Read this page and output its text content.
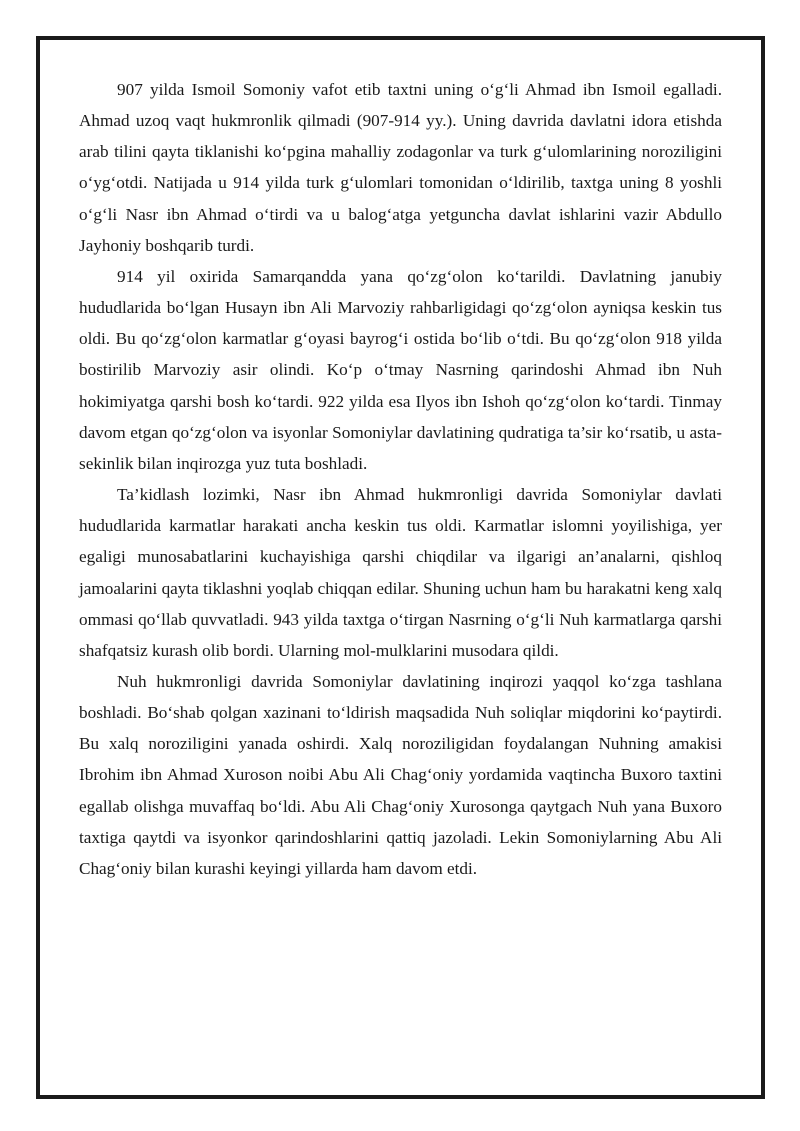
907 yilda Ismoil Somoniy vafot etib taxtni uning o‘g‘li Ahmad ibn Ismoil egalladi. Ahmad uzoq vaqt hukmronlik qilmadi (907-914 yy.). Uning davrida davlatni idora etishda arab tilini qayta tiklanishi ko‘pgina mahalliy zodagonlar va turk g‘ulomlarining noroziligini o‘yg‘otdi. Natijada u 914 yilda turk g‘ulomlari tomonidan o‘ldirilib, taxtga uning 8 yoshli o‘g‘li Nasr ibn Ahmad o‘tirdi va u balog‘atga yetguncha davlat ishlarini vazir Abdullo Jayhoniy boshqarib turdi.

914 yil oxirida Samarqandda yana qo‘zg‘olon ko‘tarildi. Davlatning janubiy hududlarida bo‘lgan Husayn ibn Ali Marvoziy rahbarligidagi qo‘zg‘olon ayniqsa keskin tus oldi. Bu qo‘zg‘olon karmatlar g‘oyasi bayrog‘i ostida bo‘lib o‘tdi. Bu qo‘zg‘olon 918 yilda bostirilib Marvoziy asir olindi. Ko‘p o‘tmay Nasrning qarindoshi Ahmad ibn Nuh hokimiyatga qarshi bosh ko‘tardi. 922 yilda esa Ilyos ibn Ishoh qo‘zg‘olon ko‘tardi. Tinmay davom etgan qo‘zg‘olon va isyonlar Somoniylar davlatining qudratiga ta’sir ko‘rsatib, u asta-sekinlik bilan inqirozga yuz tuta boshladi.

Ta’kidlash lozimki, Nasr ibn Ahmad hukmronligi davrida Somoniylar davlati hududlarida karmatlar harakati ancha keskin tus oldi. Karmatlar islomni yoyilishiga, yer egaligi munosabatlarini kuchayishiga qarshi chiqdilar va ilgarigi an’analarni, qishloq jamoalarini qayta tiklashni yoqlab chiqqan edilar. Shuning uchun ham bu harakatni keng xalq ommasi qo‘llab quvvatladi. 943 yilda taxtga o‘tirgan Nasrning o‘g‘li Nuh karmatlarga qarshi shafqatsiz kurash olib bordi. Ularning mol-mulklarini musodara qildi.

Nuh hukmronligi davrida Somoniylar davlatining inqirozi yaqqol ko‘zga tashlana boshladi. Bo‘shab qolgan xazinani to‘ldirish maqsadida Nuh soliqlar miqdorini ko‘paytirdi. Bu xalq noroziligini yanada oshirdi. Xalq noroziligidan foydalangan Nuhning amakisi Ibrohim ibn Ahmad Xuroson noibi Abu Ali Chag‘oniy yordamida vaqtincha Buxoro taxtini egallab olishga muvaffaq bo‘ldi. Abu Ali Chag‘oniy Xurosonga qaytgach Nuh yana Buxoro taxtiga qaytdi va isyonkor qarindoshlarini qattiq jazoladi. Lekin Somoniylarning Abu Ali Chag‘oniy bilan kurashi keyingi yillarda ham davom etdi.
